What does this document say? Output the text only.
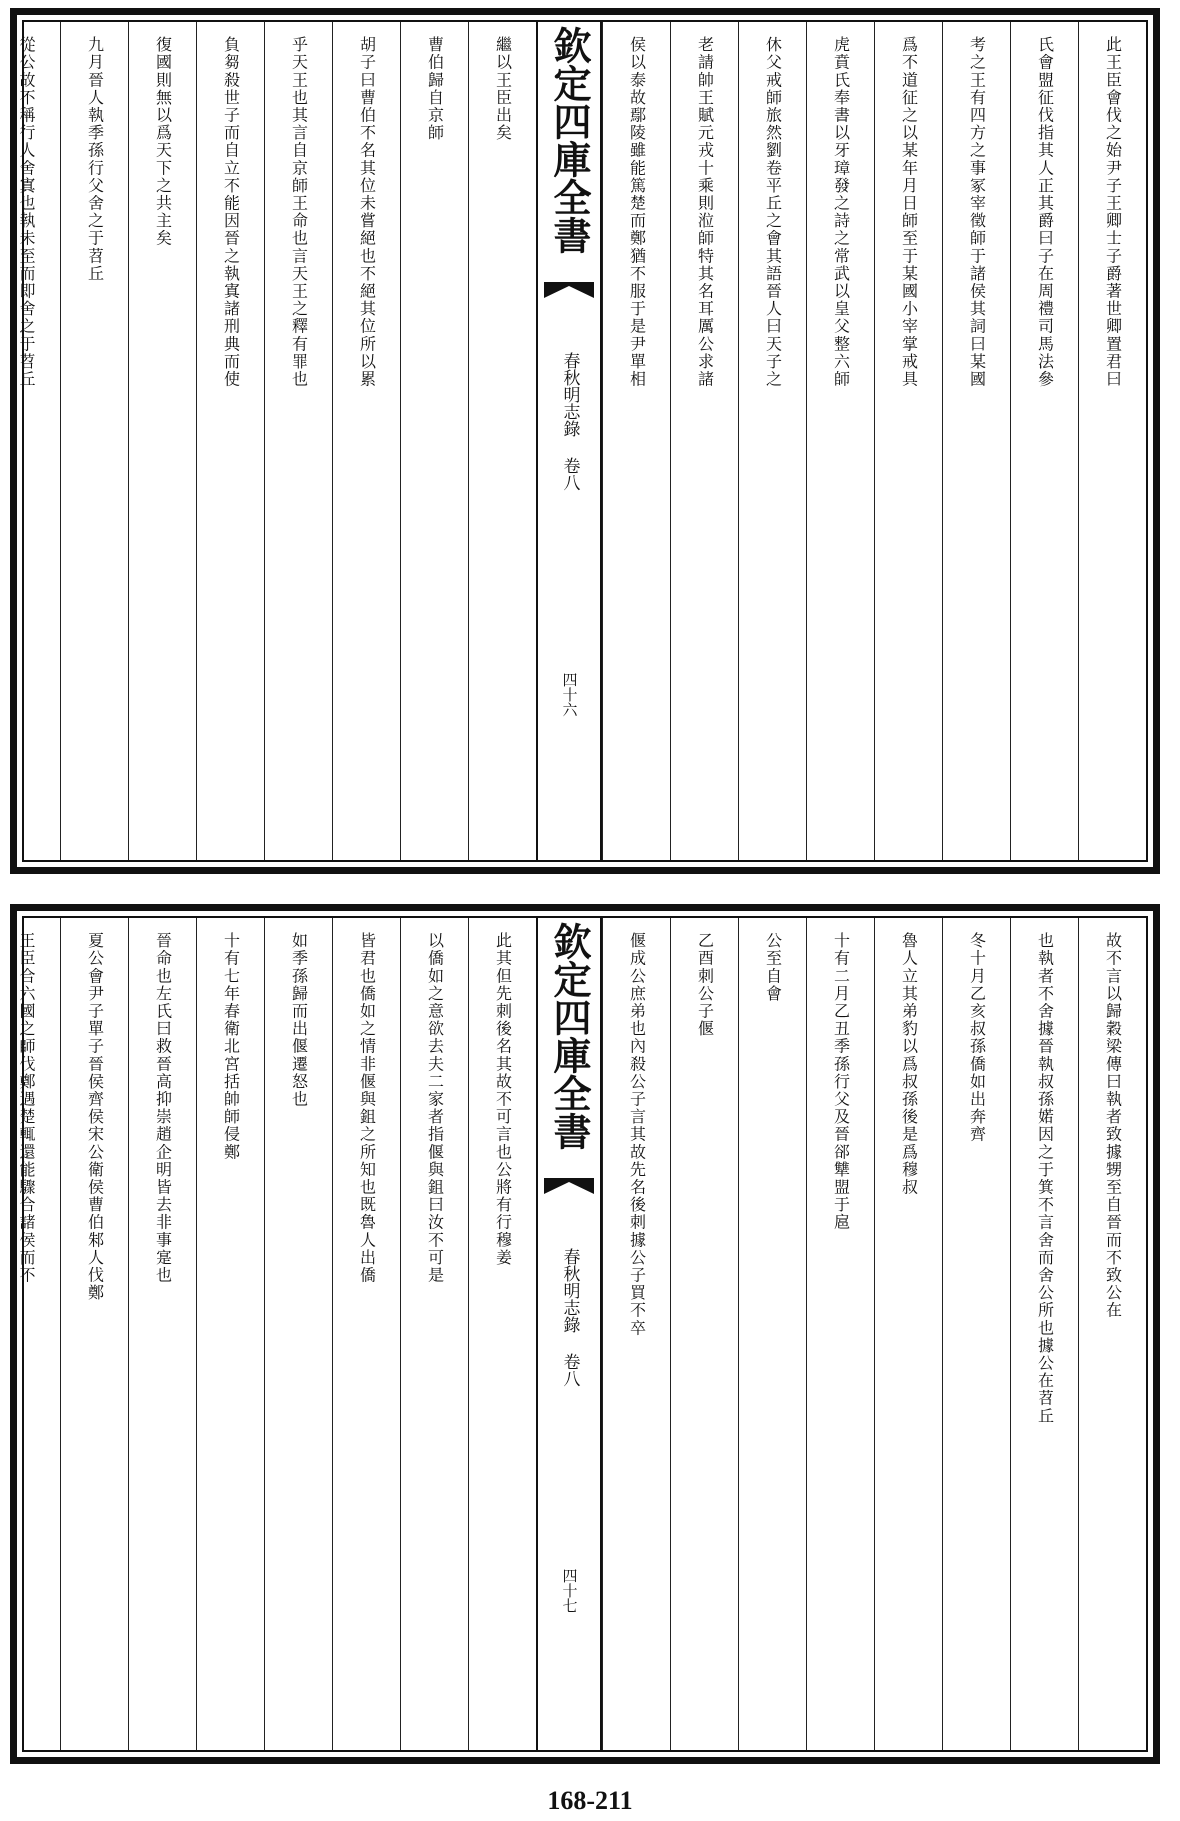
此王臣會伐之始尹子王卿士子爵著世卿置君曰
氏會盟征伐指其人正其爵曰子在周禮司馬法參
考之王有四方之事冢宰徵師于諸侯其詞曰某國
爲不道征之以某年月日師至于某國小宰掌戒具
虎賁氏奉書以牙璋發之詩之常武以皇父整六師
休父戒師旅然劉卷平丘之會其語晉人曰天子之
老請帥王賦元戎十乘則涖師特其名耳厲公求諸
侯以泰故鄢陵雖能篤楚而鄭猶不服于是尹單相
欽定四庫全書
春秋明志錄 卷八
四十六
繼以王臣出矣
曹伯歸自京師
胡子曰曹伯不名其位未嘗絕也不絕其位所以累
乎天王也其言自京師王命也言天王之釋有罪也
負芻殺世子而自立不能因晉之執寘諸刑典而使
復國則無以爲天下之共主矣
九月晉人執季孫行父舍之于苕丘
從公故不稱行人舍寘也執未至而即舍之于苕丘
故不言以歸穀梁傳曰執者致據甥至自晉而不致公在
也執者不舍據晉執叔孫婼因之于箕不言舍而舍公所也據公在苕丘
冬十月乙亥叔孫僑如出奔齊
魯人立其弟豹以爲叔孫後是爲穆叔
十有二月乙丑季孫行父及晉郤犨盟于扈
公至自會
乙酉刺公子偃
偃成公庶弟也內殺公子言其故先名後刺據公子買不卒
欽定四庫全書
春秋明志錄 卷八
四十七
此其但先刺後名其故不可言也公將有行穆姜
以僑如之意欲去夫二家者指偃與鉏曰汝不可是
皆君也僑如之情非偃與鉏之所知也既魯人出僑
如季孫歸而出偃遷怒也
十有七年春衛北宮括帥師侵鄭
晉命也左氏曰救晉高抑崇趙企明皆去非事寔也
夏公會尹子單子晉侯齊侯宋公衛侯曹伯邾人伐鄭
王臣合六國之師伐鄭遇楚輒還能驟合諸侯而不
168-211
